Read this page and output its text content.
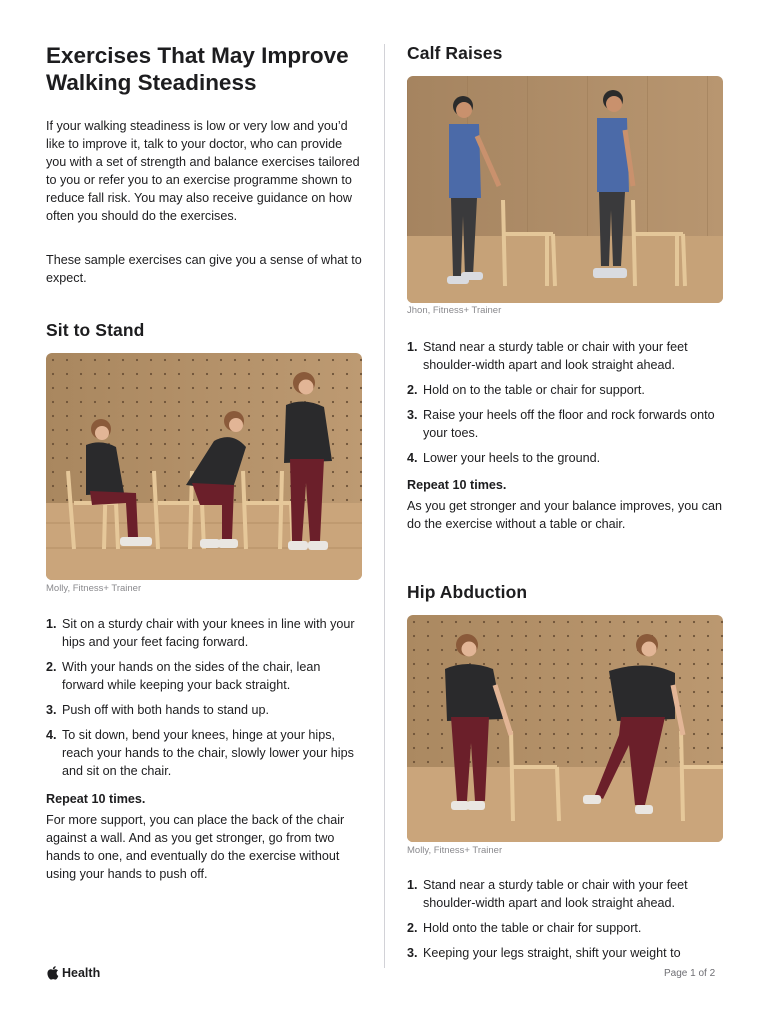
Exercises That May Improve Walking Steadiness

If your walking steadiness is low or very low and you’d like to improve it, talk to your doctor, who can provide you with a set of strength and balance exercises tailored to you or refer you to an exercise programme shown to reduce fall risk. You may also receive guidance on how often you should do the exercises.

These sample exercises can give you a sense of what to expect.

Sit to Stand
Molly, Fitness+ Trainer
1. Sit on a sturdy chair with your knees in line with your hips and your feet facing forward.
2. With your hands on the sides of the chair, lean forward while keeping your back straight.
3. Push off with both hands to stand up.
4. To sit down, bend your knees, hinge at your hips, reach your hands to the chair, slowly lower your hips and sit on the chair.

Repeat 10 times.

For more support, you can place the back of the chair against a wall. And as you get stronger, go from two hands to one, and eventually do the exercise without using your hands to push off.

Calf Raises
Jhon, Fitness+ Trainer
1. Stand near a sturdy table or chair with your feet shoulder-width apart and look straight ahead.
2. Hold on to the table or chair for support.
3. Raise your heels off the floor and rock forwards onto your toes.
4. Lower your heels to the ground.

Repeat 10 times.

As you get stronger and your balance improves, you can do the exercise without a table or chair.

Hip Abduction
Molly, Fitness+ Trainer
1. Stand near a sturdy table or chair with your feet shoulder-width apart and look straight ahead.
2. Hold onto the table or chair for support.
3. Keeping your legs straight, shift your weight to
Health	Page 1 of 2
